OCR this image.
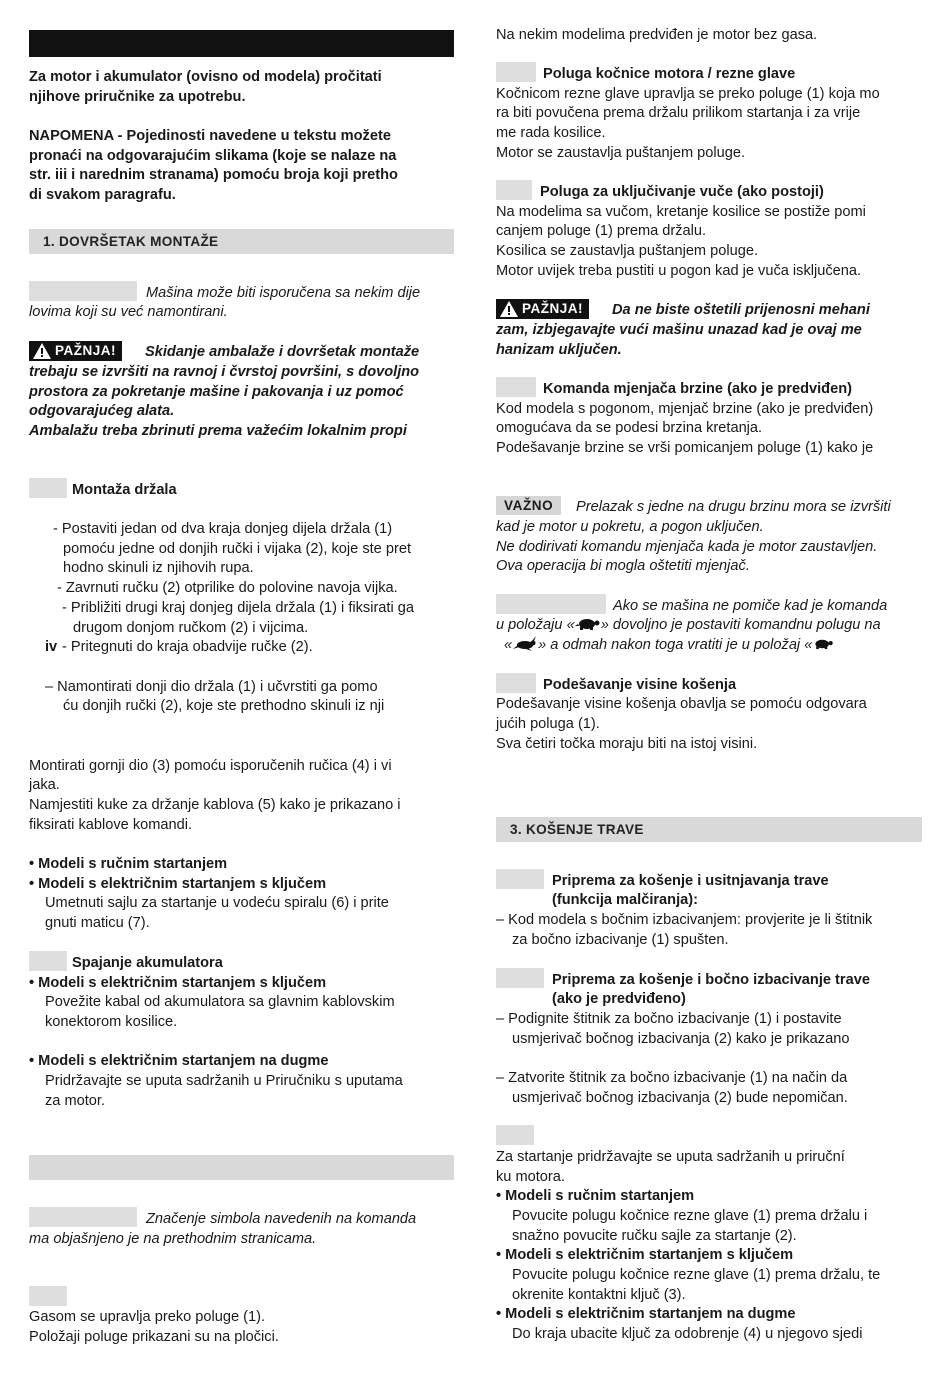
Za motor i akumulator (ovisno od modela) pročitati
njihove priručnike za upotrebu.
NAPOMENA - Pojedinosti navedene u tekstu možete
pronaći na odgovarajućim slikama (koje se nalaze na
str. iii i narednim stranama) pomoću broja koji pretho
di svakom paragrafu.
1. DOVRŠETAK MONTAŽE
Mašina može biti isporučena sa nekim dije
lovima koji su već namontirani.
PAŽNJA!	Skidanje ambalaže i dovršetak montaže
trebaju se izvršiti na ravnoj i čvrstoj površini, s dovoljno
prostora za pokretanje mašine i pakovanja i uz pomoć
odgovarajućeg alata.
Ambalažu treba zbrinuti prema važećim lokalnim propi
Montaža držala
- Postaviti jedan od dva kraja donjeg dijela držala (1)
pomoću jedne od donjih ručki i vijaka (2), koje ste pret
hodno skinuli iz njihovih rupa.
- Zavrnuti ručku (2) otprilike do polovine navoja vijka.
- Približiti drugi kraj donjeg dijela držala (1) i fiksirati ga
drugom donjom ručkom (2) i vijcima.
iv - Pritegnuti do kraja obadvije ručke (2).
– Namontirati donji dio držala (1) i učvrstiti ga pomo
ću donjih ručki (2), koje ste prethodno skinuli iz nji
Montirati gornji dio (3) pomoću isporučenih ručica (4) i vi
jaka.
Namjestiti kuke za držanje kablova (5) kako je prikazano i
fiksirati kablove komandi.
• Modeli s ručnim startanjem
• Modeli s električnim startanjem s ključem
Umetnuti sajlu za startanje u vodeću spiralu (6) i prite
gnuti maticu (7).
Spajanje akumulatora
• Modeli s električnim startanjem s ključem
Povežite kabal od akumulatora sa glavnim kablovskim
konektorom kosilice.
• Modeli s električnim startanjem na dugme
Pridržavajte se uputa sadržanih u Priručniku s uputama
za motor.
Značenje simbola navedenih na komanda
ma objašnjeno je na prethodnim stranicama.
Gasom se upravlja preko poluge (1).
Položaji poluge prikazani su na pločici.
Na nekim modelima predviđen je motor bez gasa.
Poluga kočnice motora / rezne glave
Kočnicom rezne glave upravlja se preko poluge (1) koja mo
ra biti povučena prema držalu prilikom startanja i za vrije
me rada kosilice.
Motor se zaustavlja puštanjem poluge.
Poluga za uključivanje vuče (ako postoji)
Na modelima sa vučom, kretanje kosilice se postiže pomi
canjem poluge (1) prema držalu.
Kosilica se zaustavlja puštanjem poluge.
Motor uvijek treba pustiti u pogon kad je vuča isključena.
PAŽNJA!	Da ne biste oštetili prijenosni mehani
zam, izbjegavajte vući mašinu unazad kad je ovaj me
hanizam uključen.
Komanda mjenjača brzine (ako je predviđen)
Kod modela s pogonom, mjenjač brzine (ako je predviđen)
omogućava da se podesi brzina kretanja.
Podešavanje brzine se vrši pomicanjem poluge (1) kako je
VAŽNO	Prelazak s jedne na drugu brzinu mora se izvršiti
kad je motor u pokretu, a pogon uključen.
Ne dodirivati komandu mjenjača kada je motor zaustavljen.
Ova operacija bi mogla oštetiti mjenjač.
Ako se mašina ne pomiče kad je komanda
u položaju « » dovoljno je postaviti komandnu polugu na
« » a odmah nakon toga vratiti je u položaj «
Podešavanje visine košenja
Podešavanje visine košenja obavlja se pomoću odgovara
jućih poluga (1).
Sva četiri točka moraju biti na istoj visini.
3. KOŠENJE TRAVE
Priprema za košenje i usitnjavanja trave
(funkcija malčiranja):
– Kod modela s bočnim izbacivanjem: provjerite je li štitnik
za bočno izbacivanje (1) spušten.
Priprema za košenje i bočno izbacivanje trave
(ako je predviđeno)
– Podignite štitnik za bočno izbacivanje (1) i postavite
usmjerivač bočnog izbacivanja (2) kako je prikazano
– Zatvorite štitnik za bočno izbacivanje (1) na način da
usmjerivač bočnog izbacivanja (2) bude nepomičan.
Za startanje pridržavajte se uputa sadržanih u priruční
ku motora.
• Modeli s ručnim startanjem
Povucite polugu kočnice rezne glave (1) prema držalu i
snažno povucite ručku sajle za startanje (2).
• Modeli s električnim startanjem s ključem
Povucite polugu kočnice rezne glave (1) prema držalu, te
okrenite kontaktni ključ (3).
• Modeli s električnim startanjem na dugme
Do kraja ubacite ključ za odobrenje (4) u njegovo sjedi
